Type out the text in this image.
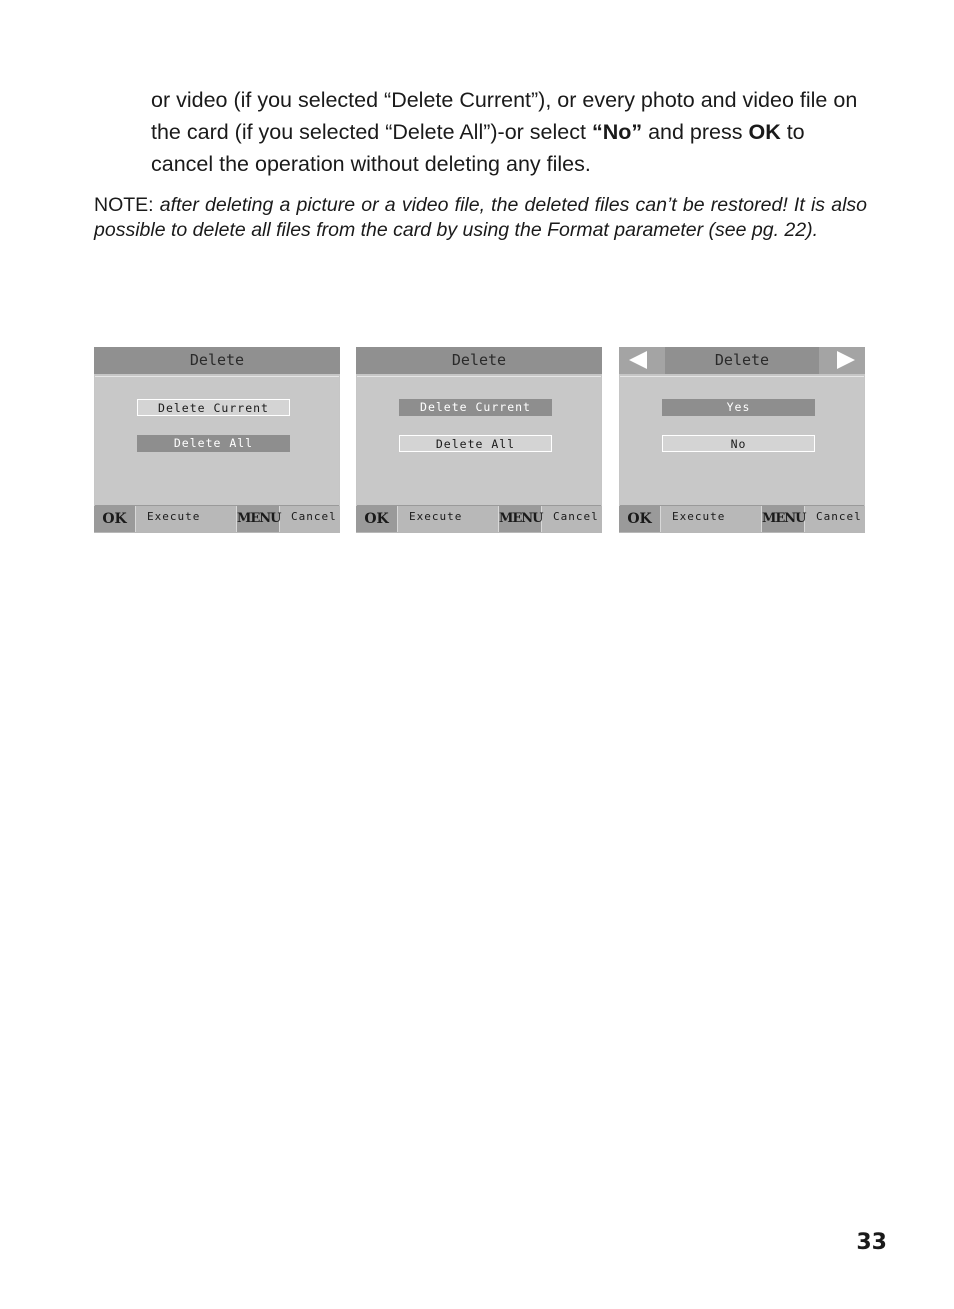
or video (if you selected “Delete Current”), or every photo and video file on the card (if you selected “Delete All”)-or select “No” and press OK to cancel the operation without deleting any files.

NOTE: after deleting a picture or a video file, the deleted files can’t be restored! It is also possible to delete all files from the card by using the Format parameter (see pg. 22).

Delete
Delete Current
Delete All
OK	Execute	MENU Cancel
Delete
Delete Current
Delete All
OK	Execute	MENU Cancel
Delete
Yes
No
OK	Execute	MENU Cancel
33
